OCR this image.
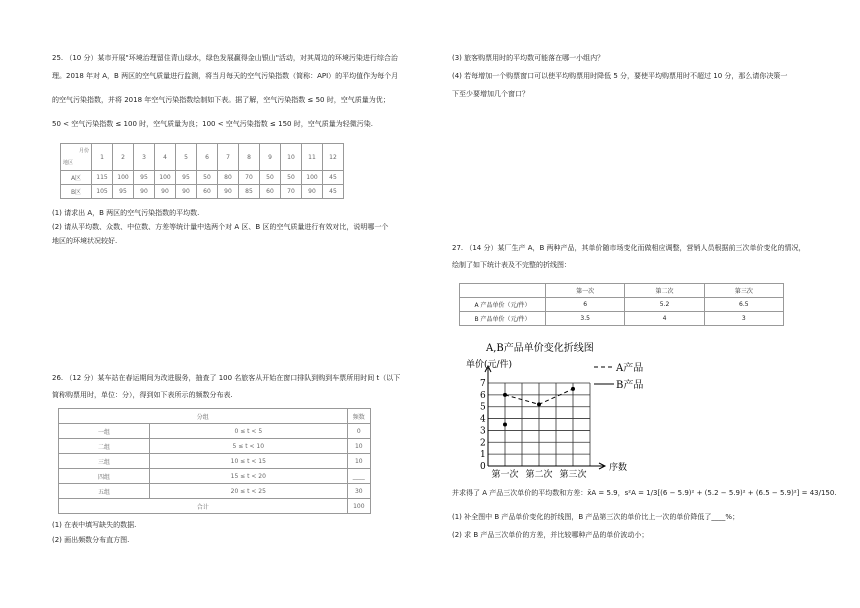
25. （10 分）某市开展"环境治理留住青山绿水，绿色发展赢得金山银山"活动，对其周边的环境污染进行综合治
理。2018 年对 A，B 两区的空气质量进行监测，将当月每天的空气污染指数（简称：API）的平均值作为每个月
的空气污染指数，并将 2018 年空气污染指数绘制如下表。据了解，空气污染指数 ≤ 50 时，空气质量为优；
50 < 空气污染指数 ≤ 100 时，空气质量为良；100 < 空气污染指数 ≤ 150 时，空气质量为轻微污染.
月份
地区	1	2	3	4	5	6	7	8	9	10	11	12
A区	115	100	95	100	95	50	80	70	50	50	100	45
B区	105	95	90	90	90	60	90	85	60	70	90	45
(1) 请求出 A，B 两区的空气污染指数的平均数.
(2) 请从平均数、众数、中位数、方差等统计量中选两个对 A 区、B 区的空气质量进行有效对比，说明哪一个
地区的环境状况较好.
26. （12 分）某车站在春运期间为改进服务，抽查了 100 名旅客从开始在窗口排队到购到车票所用时间 t（以下
简称购票用时，单位：分），得到如下表所示的频数分布表.
分组		频数
一组	0 ≤ t < 5	0
二组	5 ≤ t < 10	10
三组	10 ≤ t < 15	10
四组	15 ≤ t < 20	____
五组	20 ≤ t < 25	30
合计		100
(1) 在表中填写缺失的数据.
(2) 画出频数分布直方图.
(3) 旅客购票用时的平均数可能落在哪一小组内？
(4) 若每增加一个购票窗口可以使平均购票用时降低 5 分，要使平均购票用时不超过 10 分，那么请你决策一
下至少要增加几个窗口？
27. （14 分）某厂生产 A，B 两种产品，其单价随市场变化而做相应调整，营销人员根据前三次单价变化的情况，
绘制了如下统计表及不完整的折线图：
	第一次	第二次	第三次
A 产品单价（元/件）	6	5.2	6.5
B 产品单价（元/件）	3.5	4	3
A,B产品单价变化折线图
单价(元/件)
0
1
2
3
4
5
6
7
第一次 第二次 第三次
序数
A产品
B产品
并求得了 A 产品三次单价的平均数和方差：x̄A = 5.9，s²A = 1/3[(6 − 5.9)² + (5.2 − 5.9)² + (6.5 − 5.9)²] = 43/150.
(1) 补全图中 B 产品单价变化的折线图，B 产品第三次的单价比上一次的单价降低了____%；
(2) 求 B 产品三次单价的方差，并比较哪种产品的单价波动小；
